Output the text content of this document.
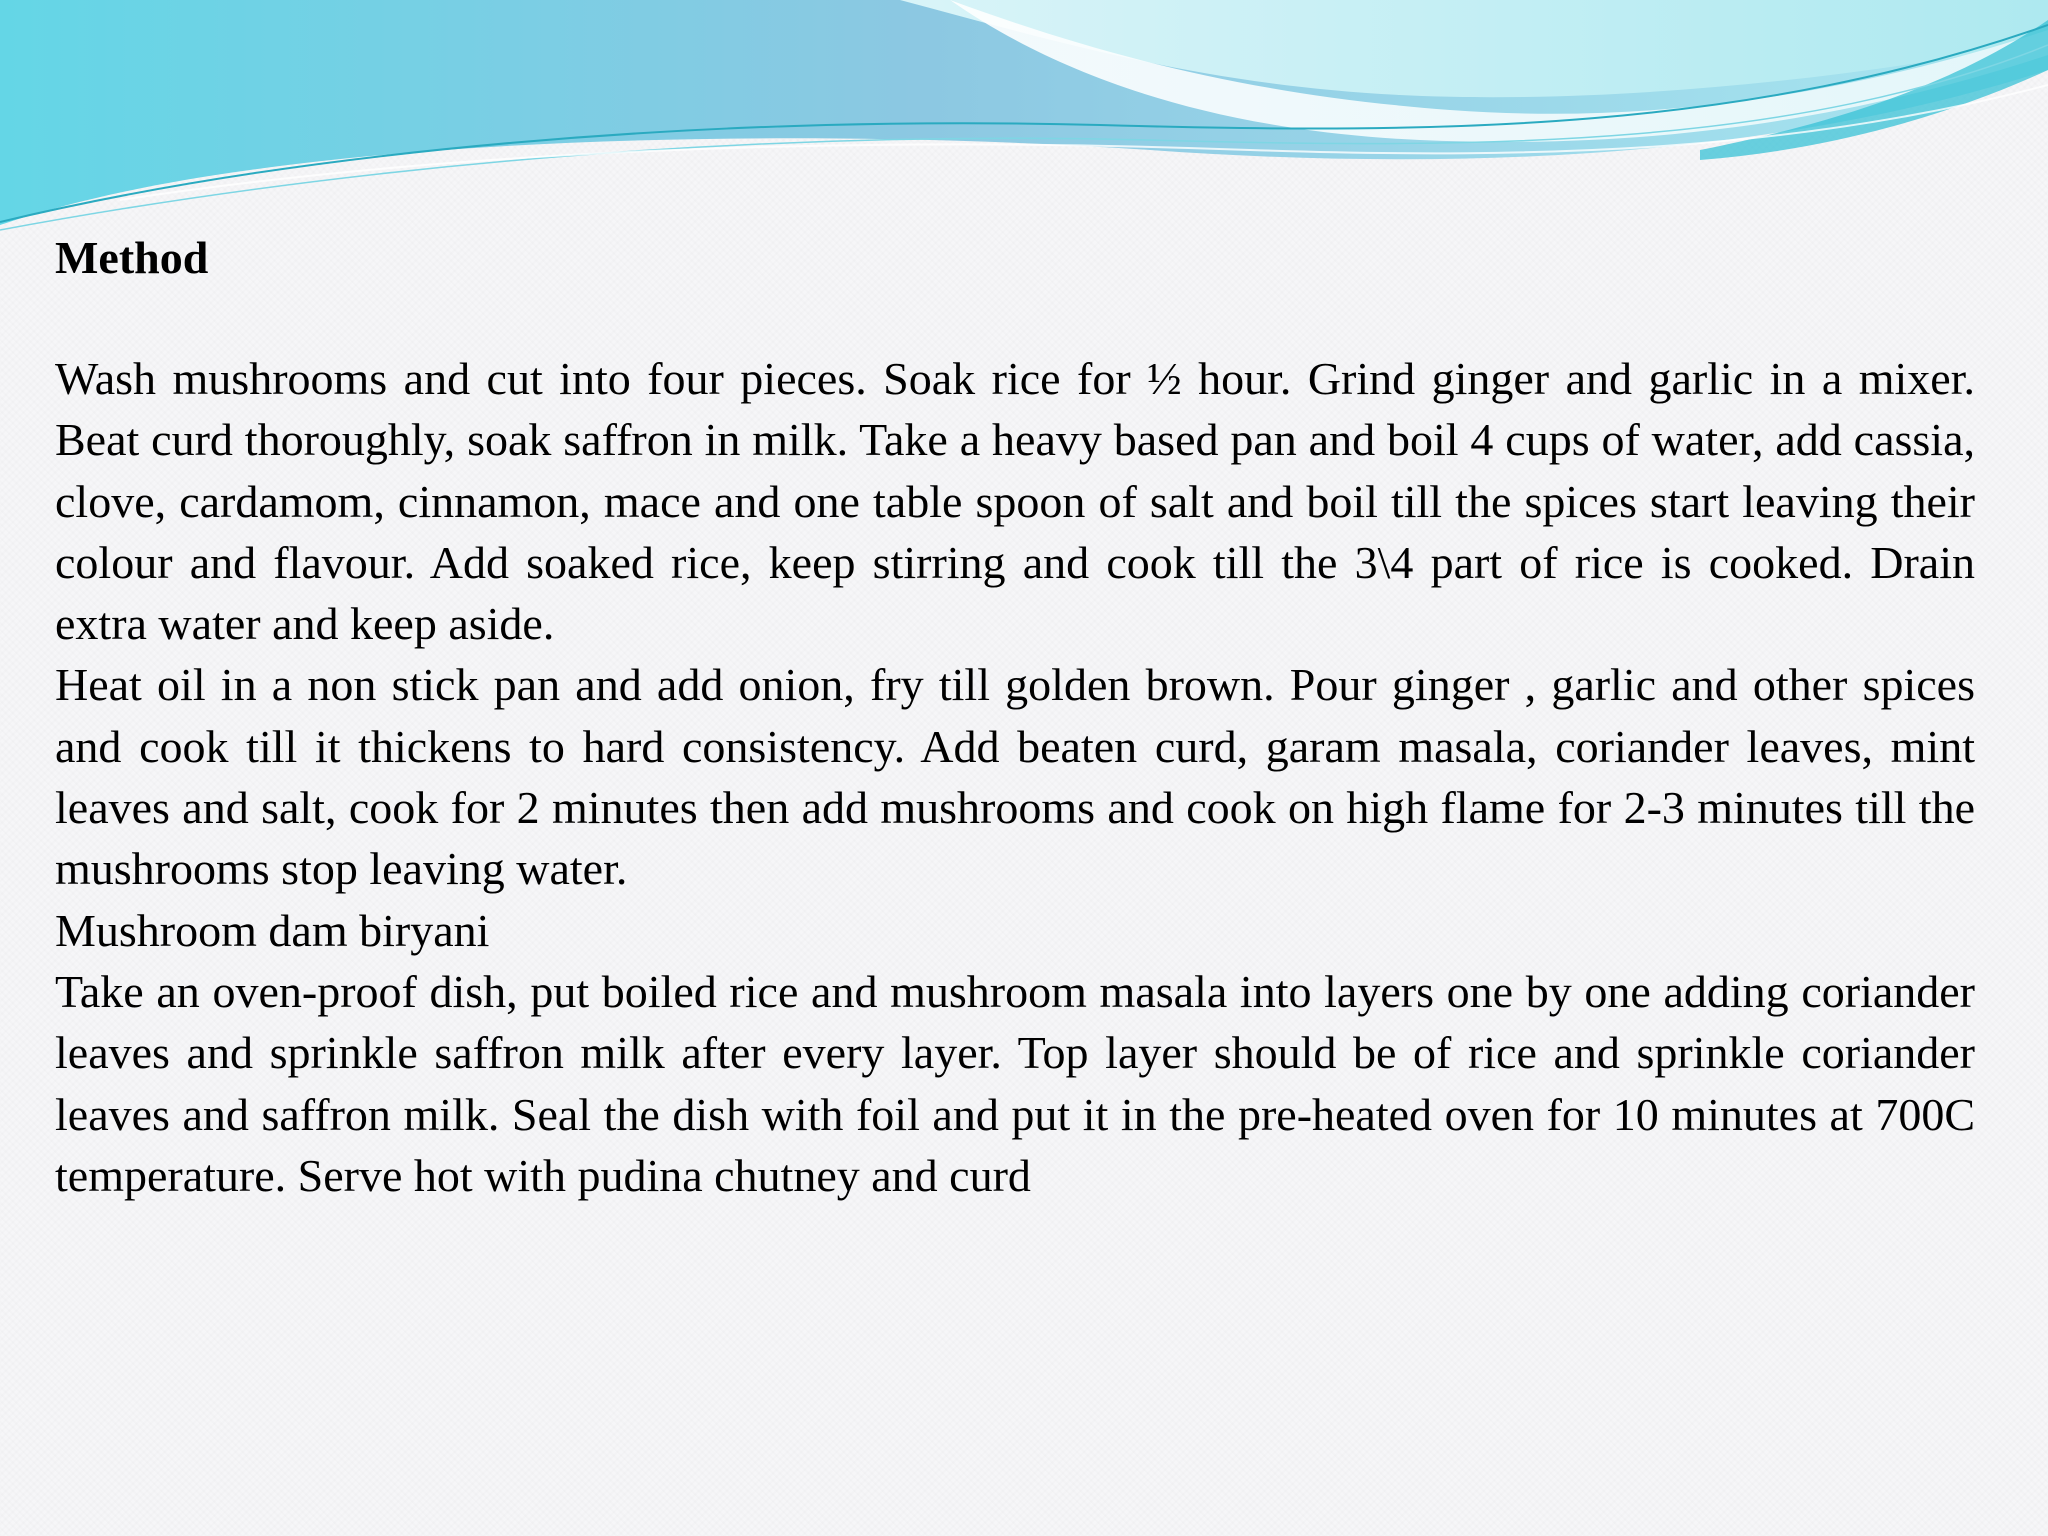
Method

Wash mushrooms and cut into four pieces. Soak rice for ½ hour. Grind ginger and garlic in a mixer. Beat curd thoroughly, soak saffron in milk. Take a heavy based pan and boil 4 cups of water, add cassia, clove, cardamom, cinnamon, mace and one table spoon of salt and boil till the spices start leaving their colour and flavour. Add soaked rice, keep stirring and cook till the 3\4 part of rice is cooked. Drain extra water and keep aside.

Heat oil in a non stick pan and add onion, fry till golden brown. Pour ginger , garlic and other spices and cook till it thickens to hard consistency. Add beaten curd, garam masala, coriander leaves, mint leaves and salt, cook for 2 minutes then add mushrooms and cook on high flame for 2-3 minutes till the mushrooms stop leaving water.

Mushroom dam biryani

Take an oven-proof dish, put boiled rice and mushroom masala into layers one by one adding coriander leaves and sprinkle saffron milk after every layer. Top layer should be of rice and sprinkle coriander leaves and saffron milk. Seal the dish with foil and put it in the pre-heated oven for 10 minutes at 700C temperature. Serve hot with pudina chutney and curd
